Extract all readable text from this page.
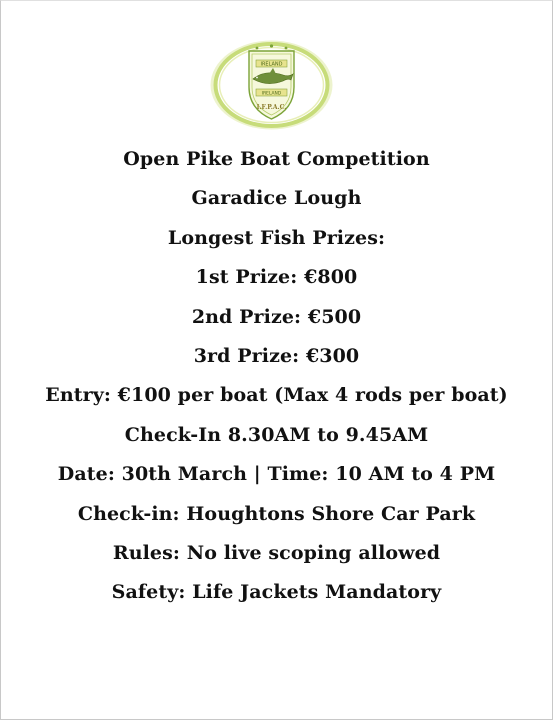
IRELAND
IRELAND
I.F.P.A.C.
Open Pike Boat Competition
Garadice Lough
Longest Fish Prizes:
1st Prize: €800
2nd Prize: €500
3rd Prize: €300
Entry: €100 per boat (Max 4 rods per boat)
Check-In 8.30AM to 9.45AM
Date: 30th March | Time: 10 AM to 4 PM
Check-in: Houghtons Shore Car Park
Rules: No live scoping allowed
Safety: Life Jackets Mandatory
